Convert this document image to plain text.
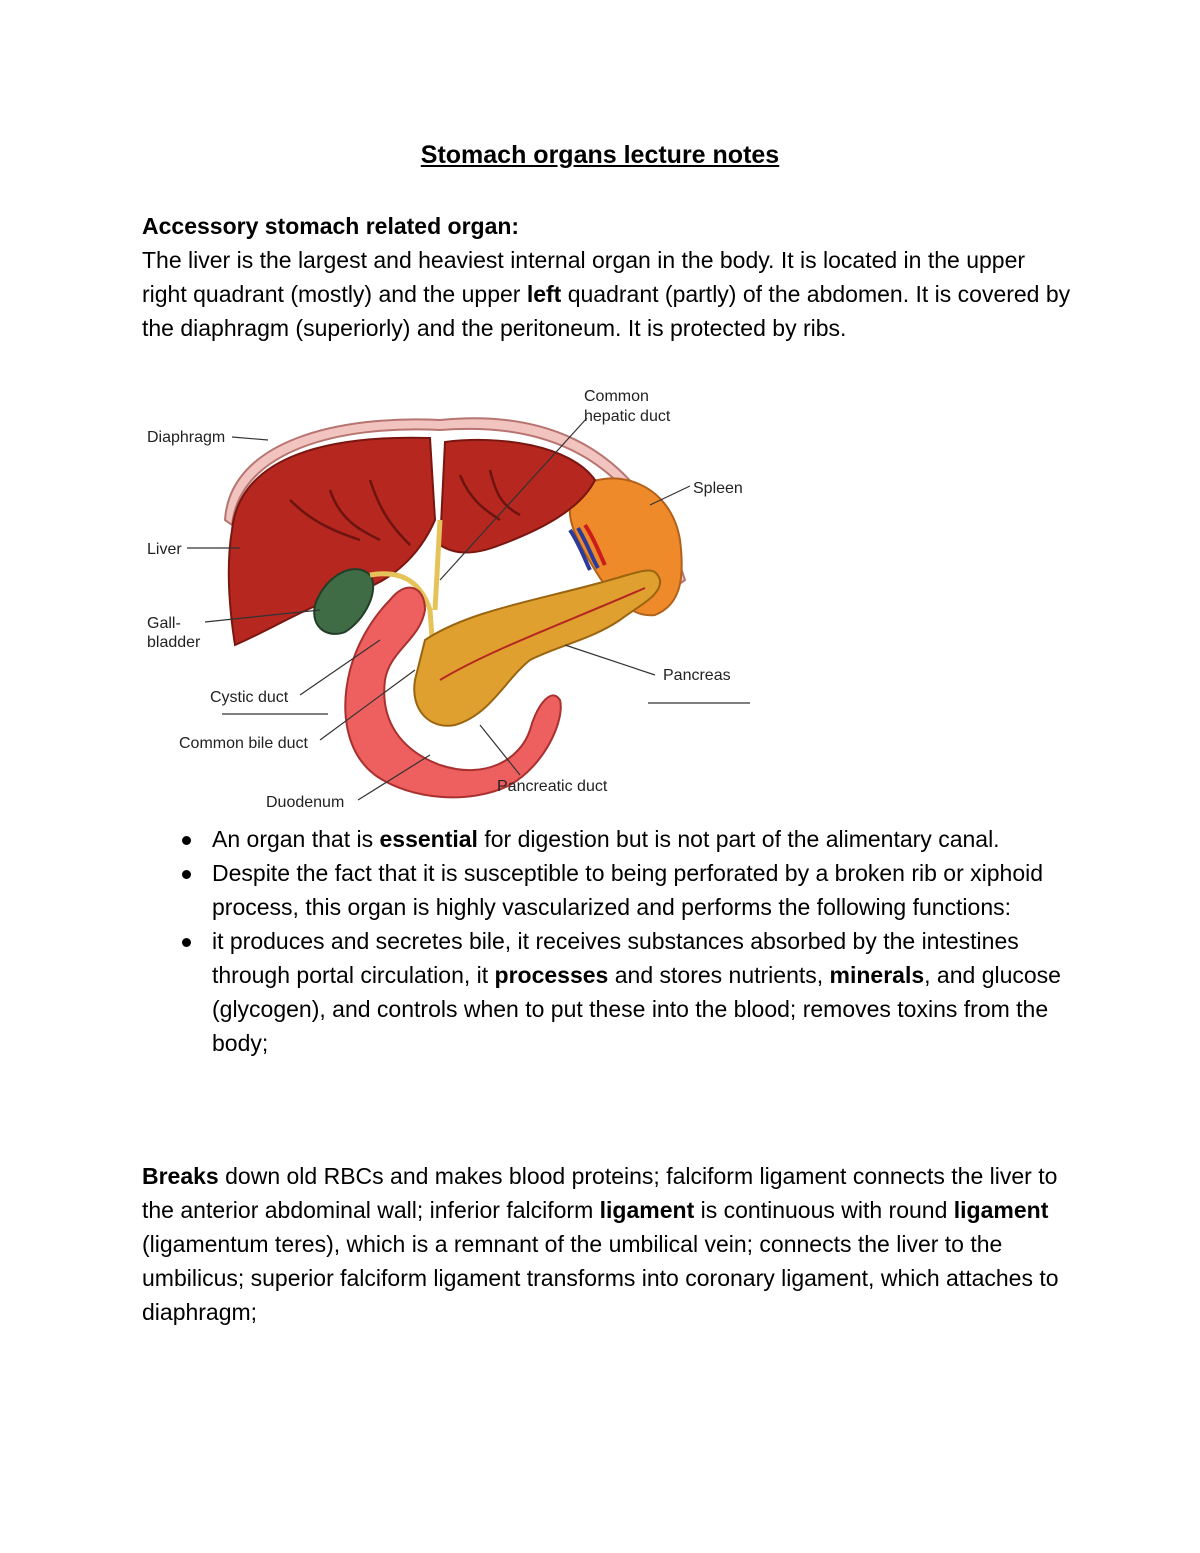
Stomach organs lecture notes
Accessory stomach related organ:

The liver is the largest and heaviest internal organ in the body. It is located in the upper right quadrant (mostly) and the upper left quadrant (partly) of the abdomen. It is covered by the diaphragm (superiorly) and the peritoneum. It is protected by ribs.

Common
hepatic duct
Diaphragm
Spleen
Liver
Gall-
bladder
Pancreas
Cystic duct
Common bile duct
Pancreatic duct
Duodenum
An organ that is essential for digestion but is not part of the alimentary canal.
Despite the fact that it is susceptible to being perforated by a broken rib or xiphoid process, this organ is highly vascularized and performs the following functions:
it produces and secretes bile, it receives substances absorbed by the intestines through portal circulation, it processes and stores nutrients, minerals, and glucose (glycogen), and controls when to put these into the blood; removes toxins from the body;

Breaks down old RBCs and makes blood proteins; falciform ligament connects the liver to the anterior abdominal wall; inferior falciform ligament is continuous with round ligament (ligamentum teres), which is a remnant of the umbilical vein; connects the liver to the umbilicus; superior falciform ligament transforms into coronary ligament, which attaches to diaphragm;
